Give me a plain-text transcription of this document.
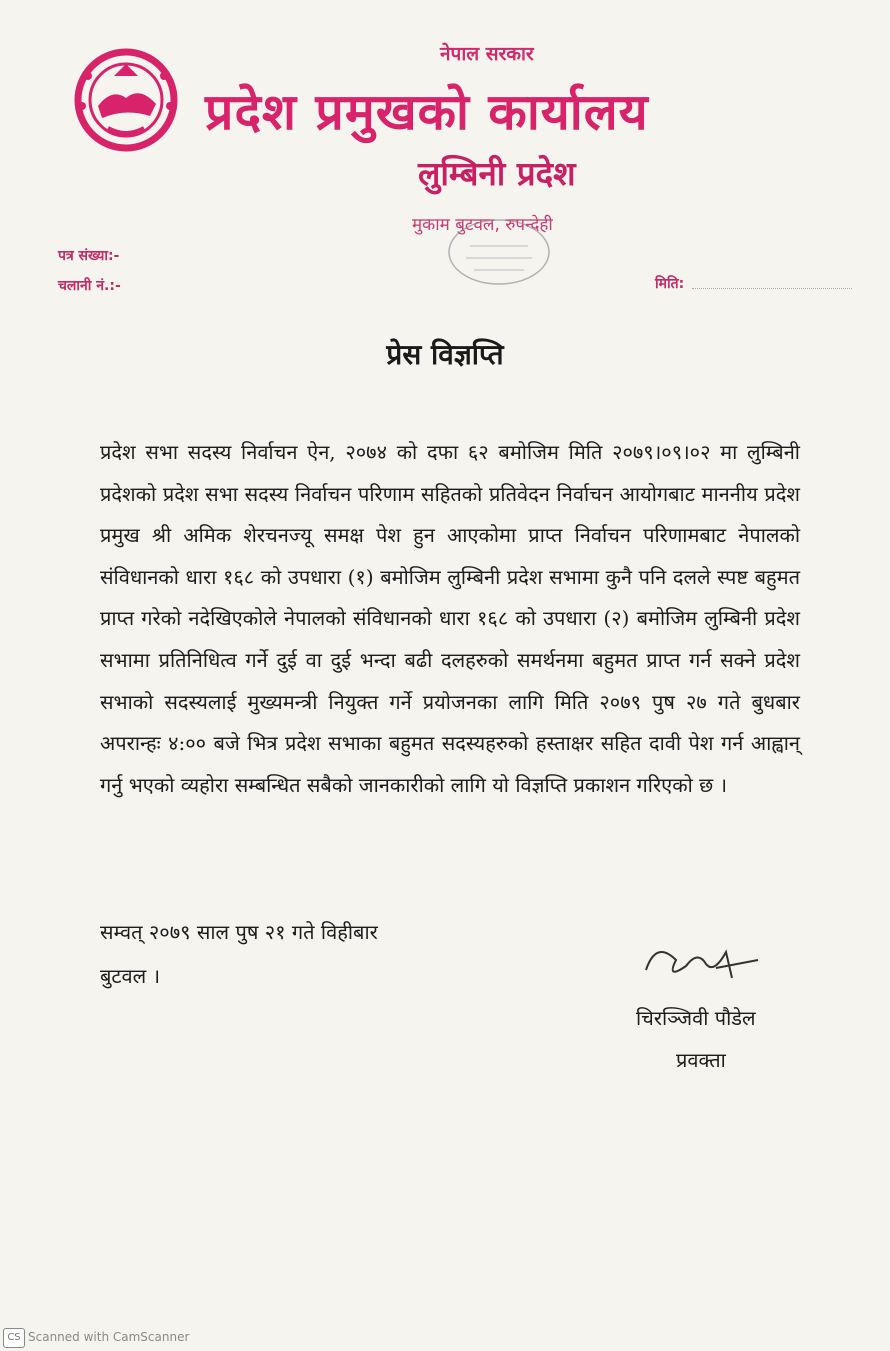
नेपाल सरकार
प्रदेश प्रमुखको कार्यालय
लुम्बिनी प्रदेश
मुकाम बुटवल, रुपन्देही
पत्र संख्या:-
चलानी नं.:-	मिति:
प्रेस विज्ञप्ति
प्रदेश सभा सदस्य निर्वाचन ऐन, २०७४ को दफा ६२ बमोजिम मिति २०७९।०९।०२ मा लुम्बिनी प्रदेशको प्रदेश सभा सदस्य निर्वाचन परिणाम सहितको प्रतिवेदन निर्वाचन आयोगबाट माननीय प्रदेश प्रमुख श्री अमिक शेरचनज्यू समक्ष पेश हुन आएकोमा प्राप्त निर्वाचन परिणामबाट नेपालको संविधानको धारा १६८ को उपधारा (१) बमोजिम लुम्बिनी प्रदेश सभामा कुनै पनि दलले स्पष्ट बहुमत प्राप्त गरेको नदेखिएकोले नेपालको संविधानको धारा १६८ को उपधारा (२) बमोजिम लुम्बिनी प्रदेश सभामा प्रतिनिधित्व गर्ने दुई वा दुई भन्दा बढी दलहरुको समर्थनमा बहुमत प्राप्त गर्न सक्ने प्रदेश सभाको सदस्यलाई मुख्यमन्त्री नियुक्त गर्ने प्रयोजनका लागि मिति २०७९ पुष २७ गते बुधबार अपरान्हः ४:०० बजे भित्र प्रदेश सभाका बहुमत सदस्यहरुको हस्ताक्षर सहित दावी पेश गर्न आह्वान् गर्नु भएको व्यहोरा सम्बन्धित सबैको जानकारीको लागि यो विज्ञप्ति प्रकाशन गरिएको छ ।
सम्वत् २०७९ साल पुष २१ गते विहीबार
बुटवल ।
चिरञ्जिवी पौडेल
प्रवक्ता
CS Scanned with CamScanner
